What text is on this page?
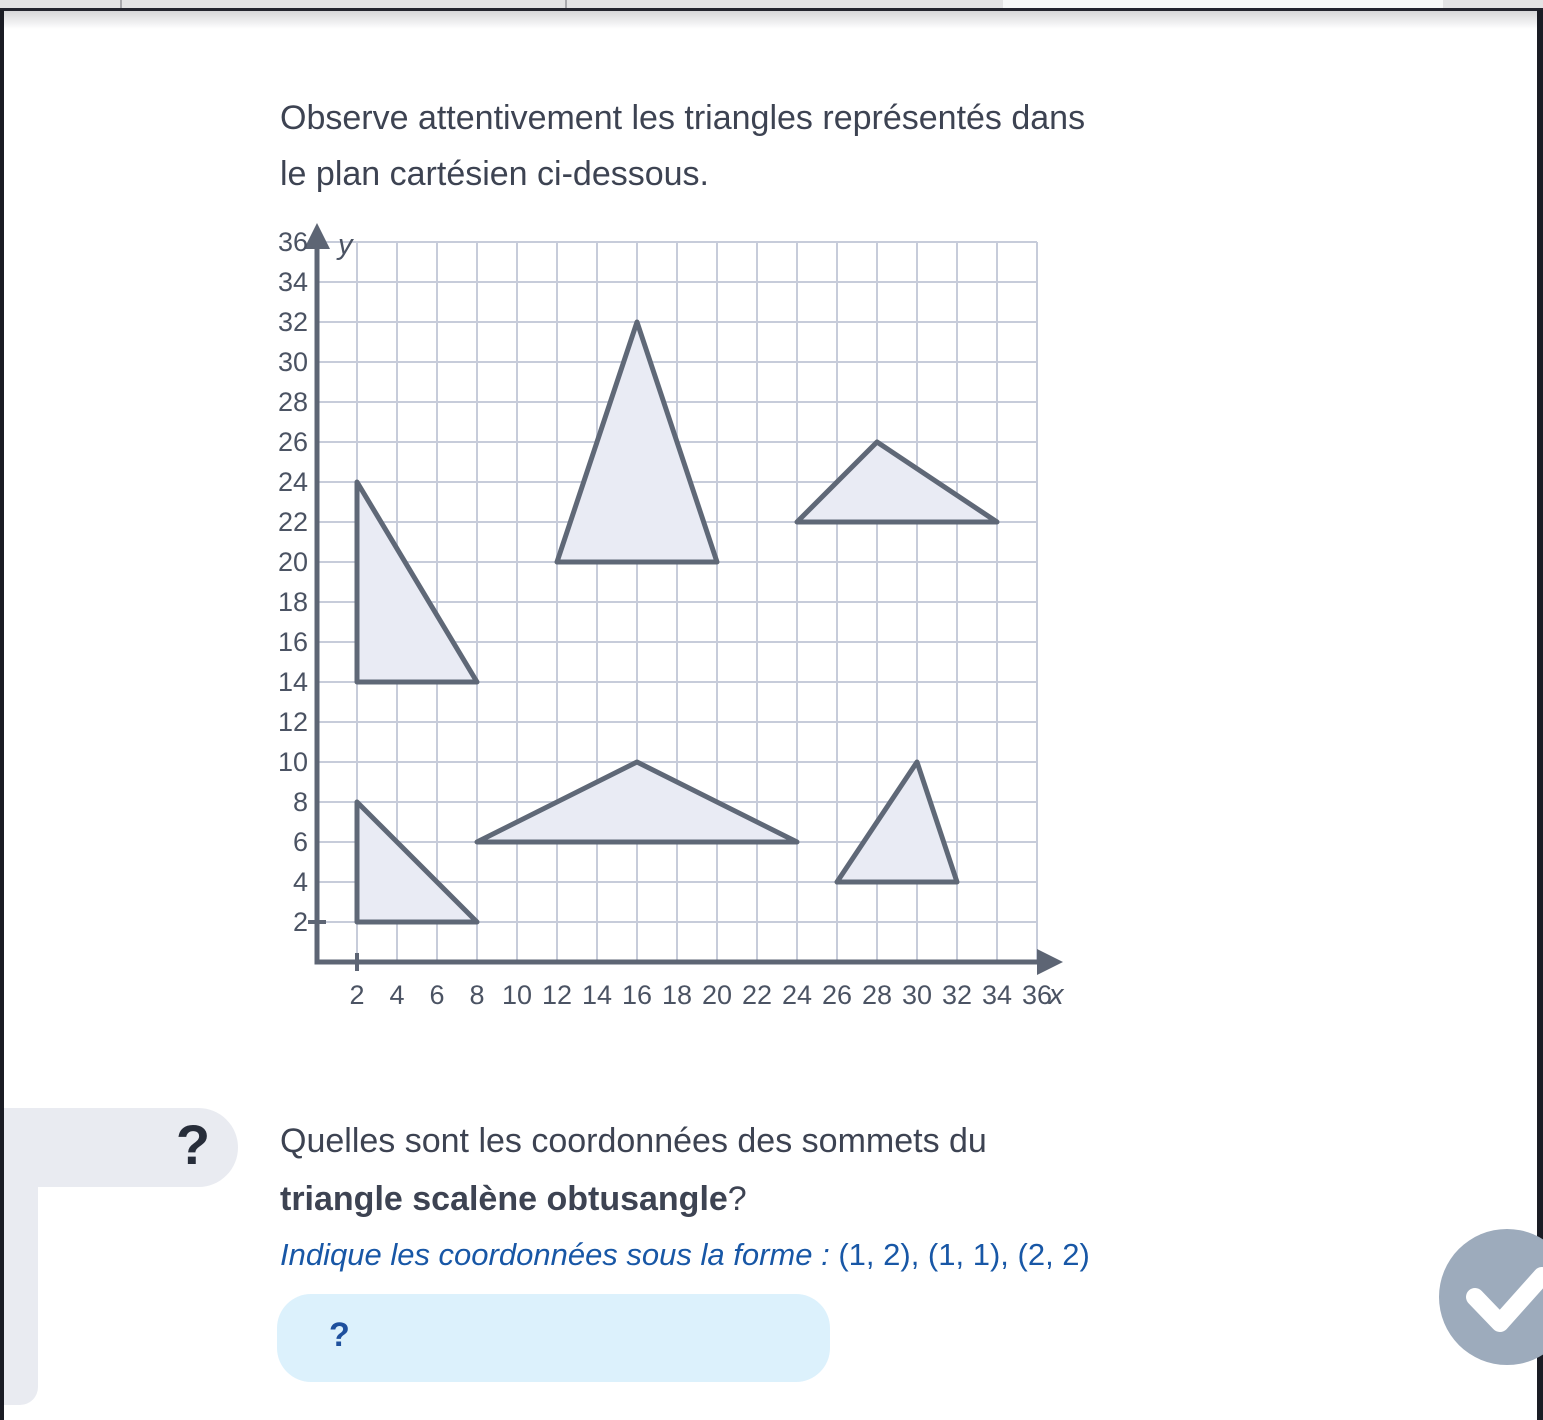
Observe attentivement les triangles représentés dans
le plan cartésien ci-dessous.
2
4
6
8
10
12
14
16
18
20
22
24
26
28
30
32
34
36
2 4 6 8 10 12 14 16 18 20 22 24 26 28 30 32 34 36
y
x
?	Quelles sont les coordonnées des sommets du
triangle scalène obtusangle?
Indique les coordonnées sous la forme : (1, 2), (1, 1), (2, 2)
?
